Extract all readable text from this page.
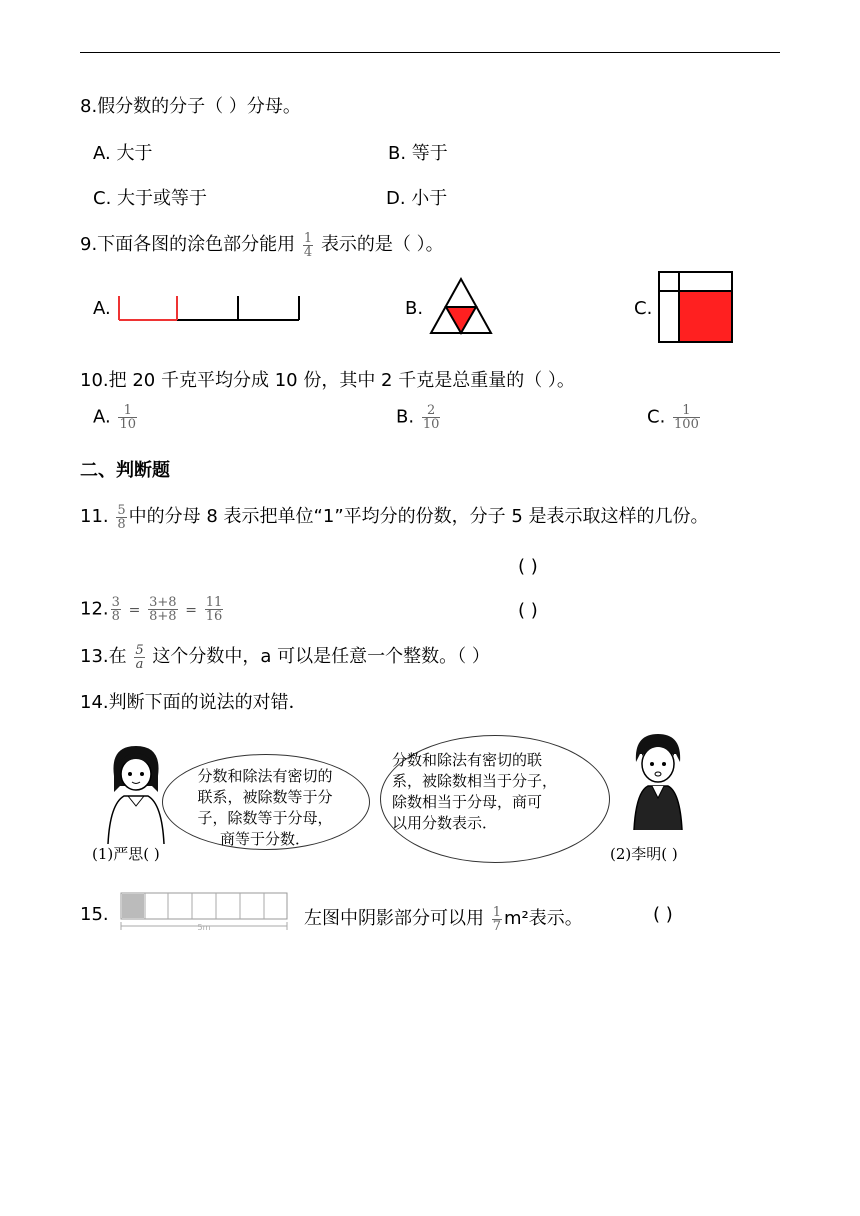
8.假分数的分子（ ）分母。
A. 大于	B. 等于
C. 大于或等于	D. 小于
9.下面各图的涂色部分能用 $\frac{1}{4}$ 表示的是（ ）。
A.	B.	C.
10.把 20 千克平均分成 10 份，其中 2 千克是总重量的（ ）。
A. $\frac{1}{10}$	B. $\frac{2}{10}$	C. $\frac{1}{100}$
二、判断题
11. $\frac{5}{8}$ 中的分母 8 表示把单位“1”平均分的份数，分子 5 是表示取这样的几份。
( )
12. $\frac{3}{8} = \frac{3+8}{8+8} = \frac{11}{16}$	( )
13.在 $\frac{5}{a}$ 这个分数中，a 可以是任意一个整数。（ ）
14.判断下面的说法的对错．
分数和除法有密切的
联系，被除数等于分
子，除数等于分母，
商等于分数．
(1)严思( )
分数和除法有密切的联
系，被除数相当于分子，
除数相当于分母，商可
以用分数表示．
(2)李明( )
15.
5m	左图中阴影部分可以用 $\frac{1}{7} m^2$表示。	( )
